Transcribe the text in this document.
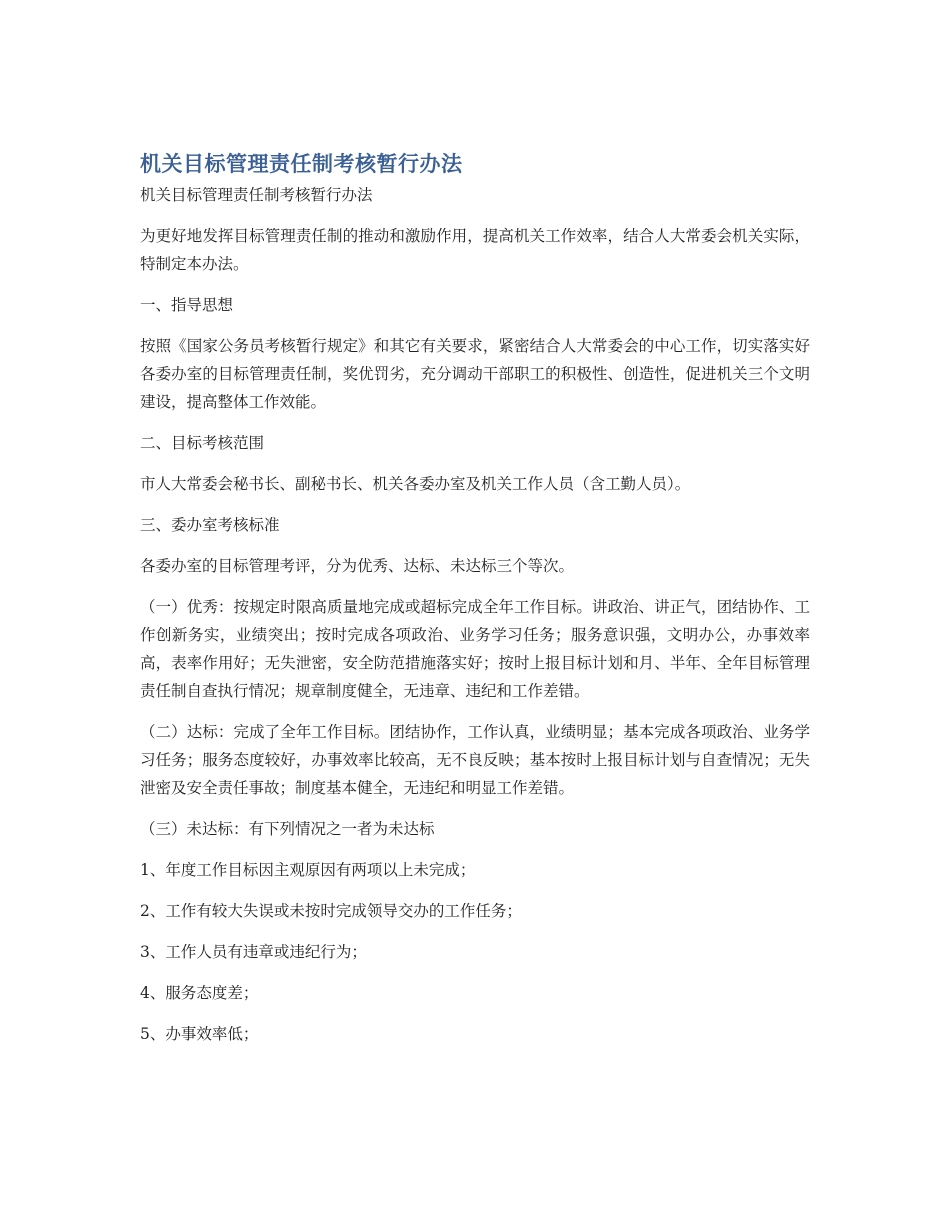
机关目标管理责任制考核暂行办法
机关目标管理责任制考核暂行办法

为更好地发挥目标管理责任制的推动和激励作用，提高机关工作效率，结合人大常委会机关实际，特制定本办法。

一、指导思想

按照《国家公务员考核暂行规定》和其它有关要求，紧密结合人大常委会的中心工作，切实落实好各委办室的目标管理责任制，奖优罚劣，充分调动干部职工的积极性、创造性，促进机关三个文明建设，提高整体工作效能。

二、目标考核范围

市人大常委会秘书长、副秘书长、机关各委办室及机关工作人员（含工勤人员）。

三、委办室考核标准

各委办室的目标管理考评，分为优秀、达标、未达标三个等次。

（一）优秀：按规定时限高质量地完成或超标完成全年工作目标。讲政治、讲正气，团结协作、工作创新务实，业绩突出；按时完成各项政治、业务学习任务；服务意识强，文明办公，办事效率高，表率作用好；无失泄密，安全防范措施落实好；按时上报目标计划和月、半年、全年目标管理责任制自查执行情况；规章制度健全，无违章、违纪和工作差错。

（二）达标：完成了全年工作目标。团结协作，工作认真，业绩明显；基本完成各项政治、业务学习任务；服务态度较好，办事效率比较高，无不良反映；基本按时上报目标计划与自查情况；无失泄密及安全责任事故；制度基本健全，无违纪和明显工作差错。

（三）未达标：有下列情况之一者为未达标

1、年度工作目标因主观原因有两项以上未完成；

2、工作有较大失误或未按时完成领导交办的工作任务；

3、工作人员有违章或违纪行为；

4、服务态度差；

5、办事效率低；
